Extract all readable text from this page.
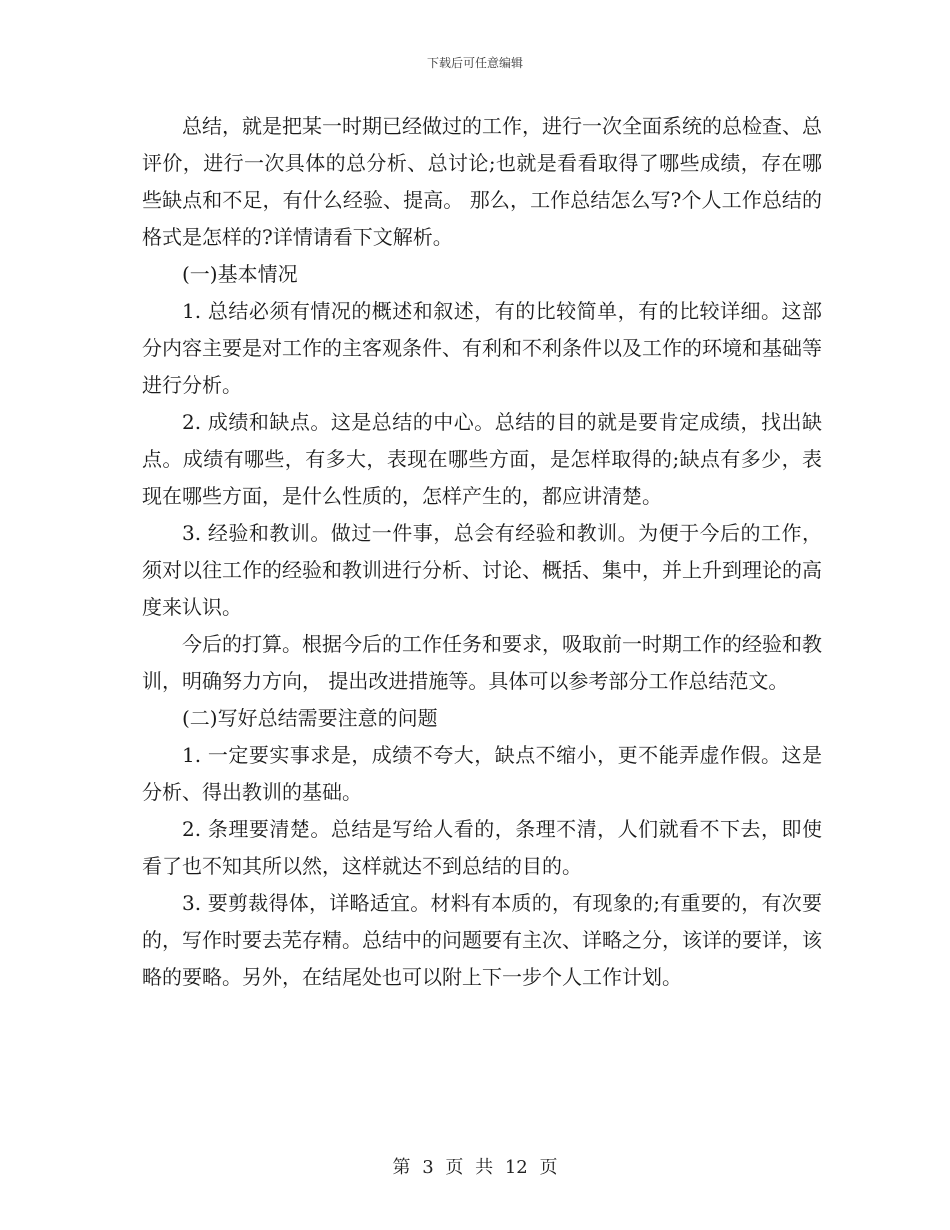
下载后可任意编辑

总结，就是把某一时期已经做过的工作，进行一次全面系统的总检查、总评价，进行一次具体的总分析、总讨论;也就是看看取得了哪些成绩，存在哪些缺点和不足，有什么经验、提高。 那么，工作总结怎么写?个人工作总结的格式是怎样的?详情请看下文解析。

(一)基本情况

1. 总结必须有情况的概述和叙述，有的比较简单，有的比较详细。这部分内容主要是对工作的主客观条件、有利和不利条件以及工作的环境和基础等进行分析。

2. 成绩和缺点。这是总结的中心。总结的目的就是要肯定成绩，找出缺点。成绩有哪些，有多大，表现在哪些方面，是怎样取得的;缺点有多少，表现在哪些方面，是什么性质的，怎样产生的，都应讲清楚。

3. 经验和教训。做过一件事，总会有经验和教训。为便于今后的工作，须对以往工作的经验和教训进行分析、讨论、概括、集中，并上升到理论的高度来认识。

今后的打算。根据今后的工作任务和要求，吸取前一时期工作的经验和教训，明确努力方向， 提出改进措施等。具体可以参考部分工作总结范文。

(二)写好总结需要注意的问题

1. 一定要实事求是，成绩不夸大，缺点不缩小，更不能弄虚作假。这是分析、得出教训的基础。

2. 条理要清楚。总结是写给人看的，条理不清，人们就看不下去，即使看了也不知其所以然，这样就达不到总结的目的。

3. 要剪裁得体，详略适宜。材料有本质的，有现象的;有重要的，有次要的，写作时要去芜存精。总结中的问题要有主次、详略之分，该详的要详，该略的要略。另外，在结尾处也可以附上下一步个人工作计划。

第 3 页 共 12 页
